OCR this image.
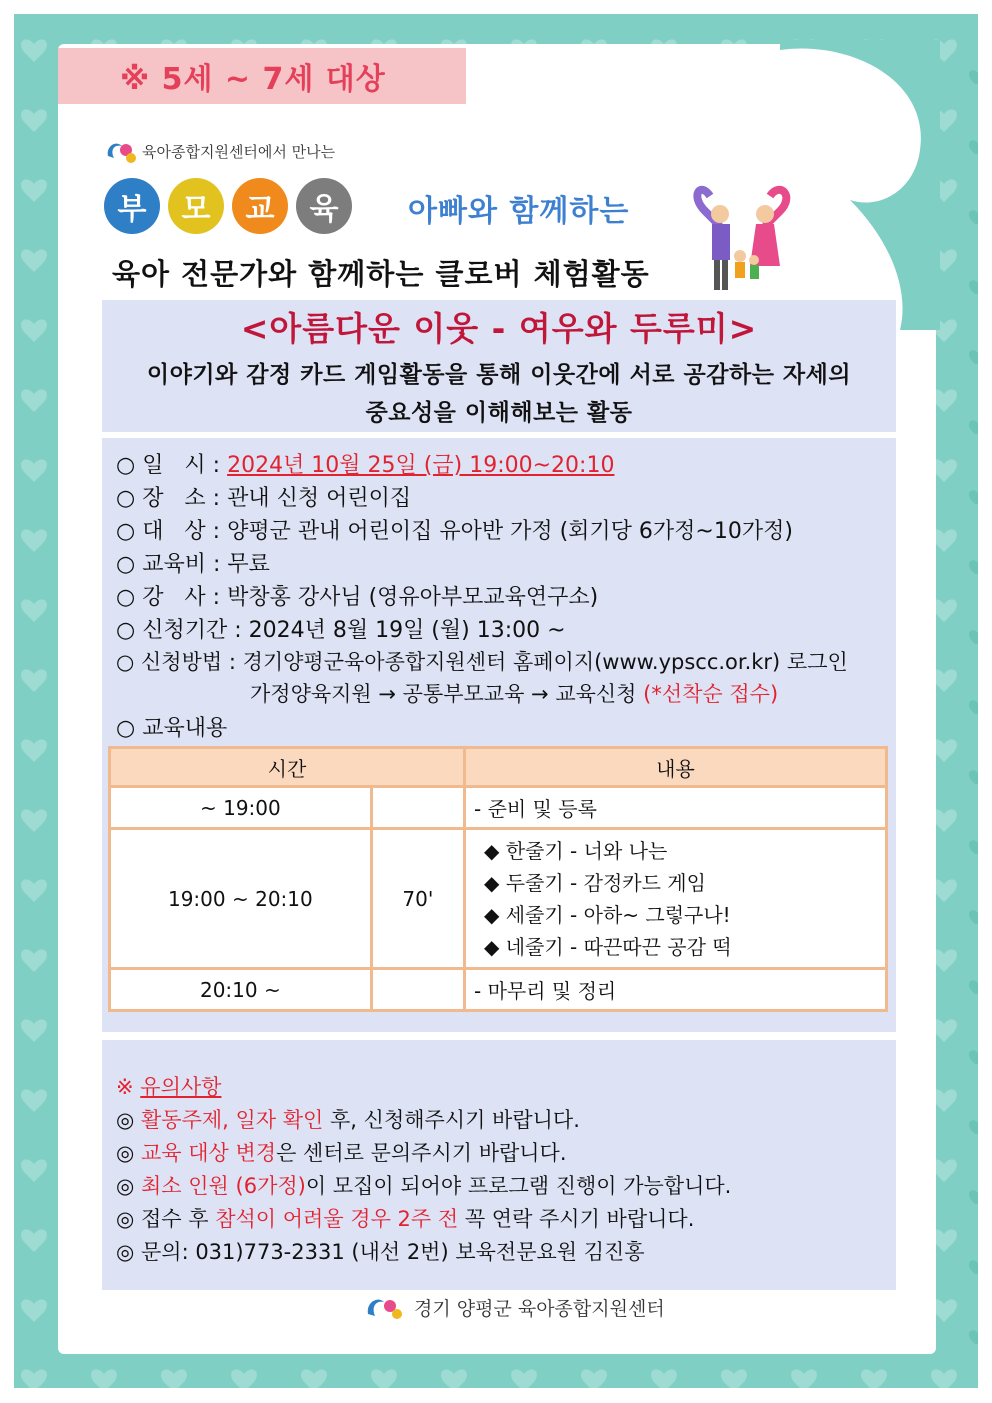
※ 5세 ~ 7세 대상
육아종합지원센터에서 만나는
부	모	교	육	아빠와 함께하는
육아 전문가와 함께하는 클로버 체험활동
<아름다운 이웃 - 여우와 두루미>
이야기와 감정 카드 게임활동을 통해 이웃간에 서로 공감하는 자세의
중요성을 이해해보는 활동
○ 일   시 : 2024년 10월 25일 (금) 19:00~20:10
○ 장   소 : 관내 신청 어린이집
○ 대   상 : 양평군 관내 어린이집 유아반 가정 (회기당 6가정~10가정)
○ 교육비 : 무료
○ 강   사 : 박창홍 강사님 (영유아부모교육연구소)
○ 신청기간 : 2024년 8월 19일 (월) 13:00 ~
○ 신청방법 : 경기양평군육아종합지원센터 홈페이지(www.ypscc.or.kr) 로그인
가정양육지원 → 공통부모교육 → 교육신청 (*선착순 접수)
○ 교육내용
시간		내용
~ 19:00		- 준비 및 등록
19:00 ~ 20:10	70'	◆ 한줄기 - 너와 나는
◆ 두줄기 - 감정카드 게임
◆ 세줄기 - 아하~ 그렇구나!
◆ 네줄기 - 따끈따끈 공감 떡

20:10 ~		- 마무리 및 정리
※ 유의사항
◎ 활동주제, 일자 확인 후, 신청해주시기 바랍니다.
◎ 교육 대상 변경은 센터로 문의주시기 바랍니다.
◎ 최소 인원 (6가정)이 모집이 되어야 프로그램 진행이 가능합니다.
◎ 접수 후 참석이 어려울 경우 2주 전 꼭 연락 주시기 바랍니다.
◎ 문의: 031)773-2331 (내선 2번) 보육전문요원 김진홍
경기 양평군 육아종합지원센터
